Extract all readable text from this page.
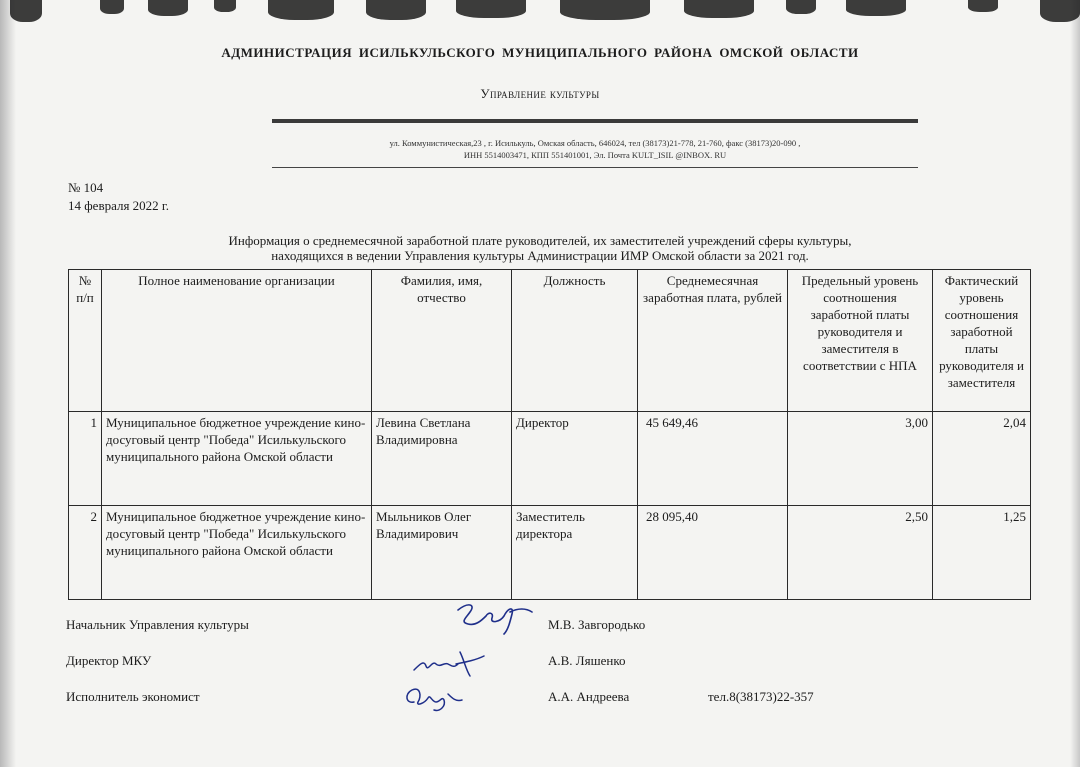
АДМИНИСТРАЦИЯ ИСИЛЬКУЛЬСКОГО МУНИЦИПАЛЬНОГО РАЙОНА ОМСКОЙ ОБЛАСТИ
Управление культуры
ул. Коммунистическая,23 , г. Исилькуль, Омская область, 646024, тел (38173)21-778, 21-760, факс (38173)20-090 ,
ИНН 5514003471, КПП 551401001, Эл. Почта KULT_ISIL @INBOX. RU
№ 104
14 февраля 2022 г.
Информация о среднемесячной заработной плате руководителей, их заместителей учреждений сферы культуры,
находящихся в ведении Управления культуры Администрации ИМР Омской области за 2021 год.
№ п/п	Полное наименование организации	Фамилия, имя, отчество	Должность	Среднемесячная заработная плата, рублей	Предельный уровень соотношения заработной платы руководителя и заместителя в соответствии с НПА	Фактический уровень соотношения заработной платы руководителя и заместителя
1	Муниципальное бюджетное учреждение кино-досуговый центр "Победа" Исилькульского муниципального района Омской области	Левина Светлана Владимировна	Директор	45 649,46	3,00	2,04
2	Муниципальное бюджетное учреждение кино-досуговый центр "Победа" Исилькульского муниципального района Омской области	Мыльников Олег Владимирович	Заместитель директора	28 095,40	2,50	1,25
Начальник Управления культуры	М.В. Завгородько
Директор МКУ	А.В. Ляшенко
Исполнитель экономист	А.А. Андреева	тел.8(38173)22-357
